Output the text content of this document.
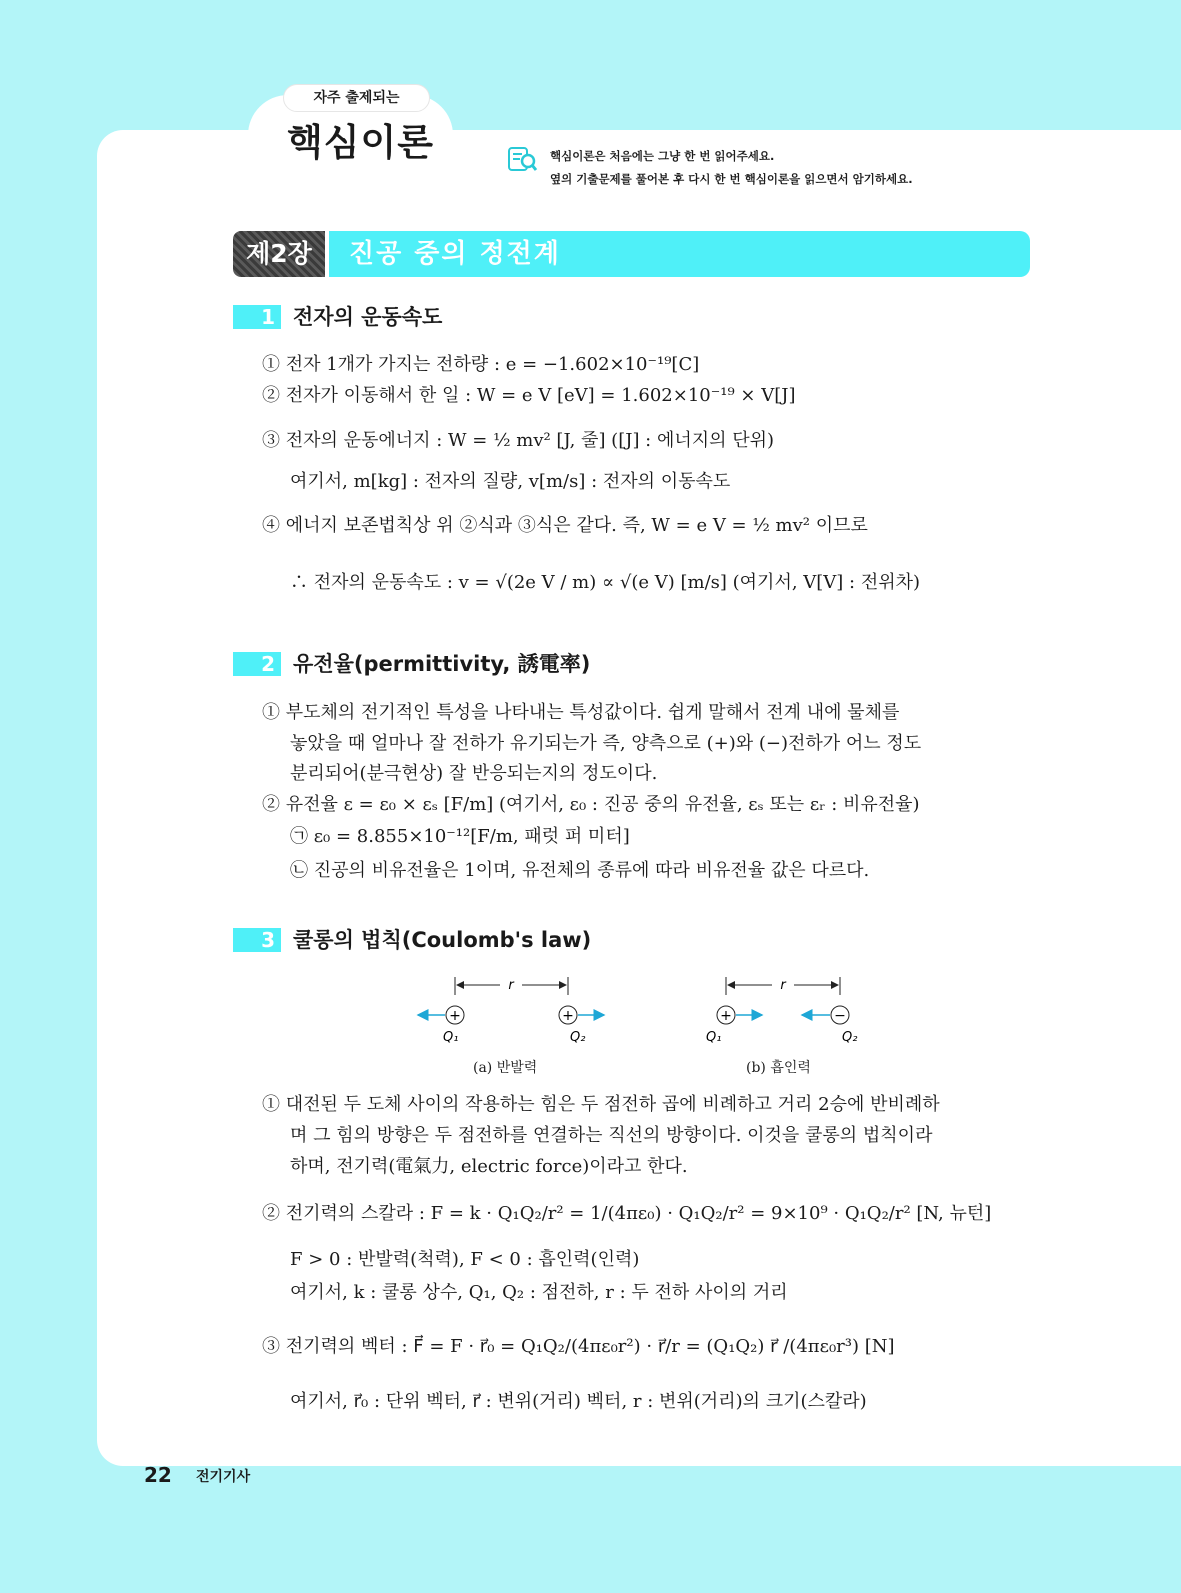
자주 출제되는
핵심이론	핵심이론은 처음에는 그냥 한 번 읽어주세요.
옆의 기출문제를 풀어본 후 다시 한 번 핵심이론을 읽으면서 암기하세요.
제2장	진공 중의 정전계
1 전자의 운동속도
① 전자 1개가 가지는 전하량 : e = −1.602×10⁻¹⁹[C]
② 전자가 이동해서 한 일 : W = e V [eV] = 1.602×10⁻¹⁹ × V[J]
③ 전자의 운동에너지 : W = ½ mv² [J, 줄] ([J] : 에너지의 단위)
여기서, m[kg] : 전자의 질량, v[m/s] : 전자의 이동속도
④ 에너지 보존법칙상 위 ②식과 ③식은 같다. 즉, W = e V = ½ mv² 이므로
∴ 전자의 운동속도 : v = √(2e V / m) ∝ √(e V) [m/s] (여기서, V[V] : 전위차)
2 유전율(permittivity, 誘電率)
① 부도체의 전기적인 특성을 나타내는 특성값이다. 쉽게 말해서 전계 내에 물체를
놓았을 때 얼마나 잘 전하가 유기되는가 즉, 양측으로 (+)와 (−)전하가 어느 정도
분리되어(분극현상) 잘 반응되는지의 정도이다.
② 유전율 ε = ε₀ × εₛ [F/m] (여기서, ε₀ : 진공 중의 유전율, εₛ 또는 εᵣ : 비유전율)
㉠ ε₀ = 8.855×10⁻¹²[F/m, 패럿 퍼 미터]
㉡ 진공의 비유전율은 1이며, 유전체의 종류에 따라 비유전율 값은 다르다.
3 쿨롱의 법칙(Coulomb's law)
r
+	+
Q₁	Q₂
r
+	−
Q₁	Q₂
(a) 반발력	(b) 흡인력
① 대전된 두 도체 사이의 작용하는 힘은 두 점전하 곱에 비례하고 거리 2승에 반비례하
며 그 힘의 방향은 두 점전하를 연결하는 직선의 방향이다. 이것을 쿨롱의 법칙이라
하며, 전기력(電氣力, electric force)이라고 한다.
② 전기력의 스칼라 : F = k · Q₁Q₂/r² = 1/(4πε₀) · Q₁Q₂/r² = 9×10⁹ · Q₁Q₂/r² [N, 뉴턴]
F > 0 : 반발력(척력), F < 0 : 흡인력(인력)
여기서, k : 쿨롱 상수, Q₁, Q₂ : 점전하, r : 두 전하 사이의 거리
③ 전기력의 벡터 : F⃗ = F · r⃗₀ = Q₁Q₂/(4πε₀r²) · r⃗/r = (Q₁Q₂) r⃗ /(4πε₀r³) [N]
여기서, r⃗₀ : 단위 벡터, r⃗ : 변위(거리) 벡터, r : 변위(거리)의 크기(스칼라)
22 전기기사
